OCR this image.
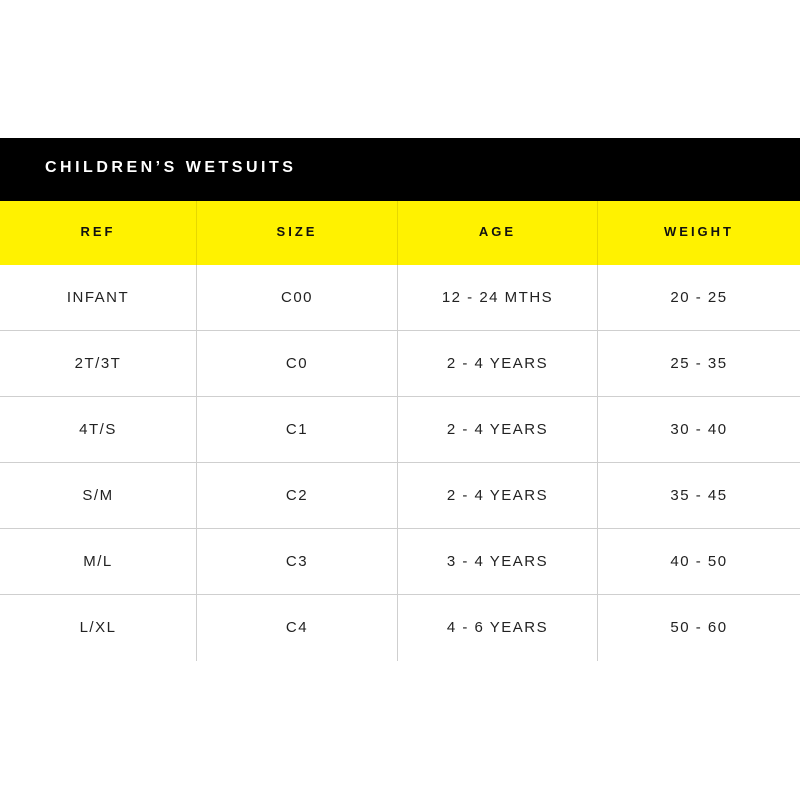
CHILDREN’S WETSUITS
REF	SIZE	AGE	WEIGHT
INFANT	C00	12 - 24 MTHS	20 - 25
2T/3T	C0	2 - 4 YEARS	25 - 35
4T/S	C1	2 - 4 YEARS	30 - 40
S/M	C2	2 - 4 YEARS	35 - 45
M/L	C3	3 - 4 YEARS	40 - 50
L/XL	C4	4 - 6 YEARS	50 - 60
